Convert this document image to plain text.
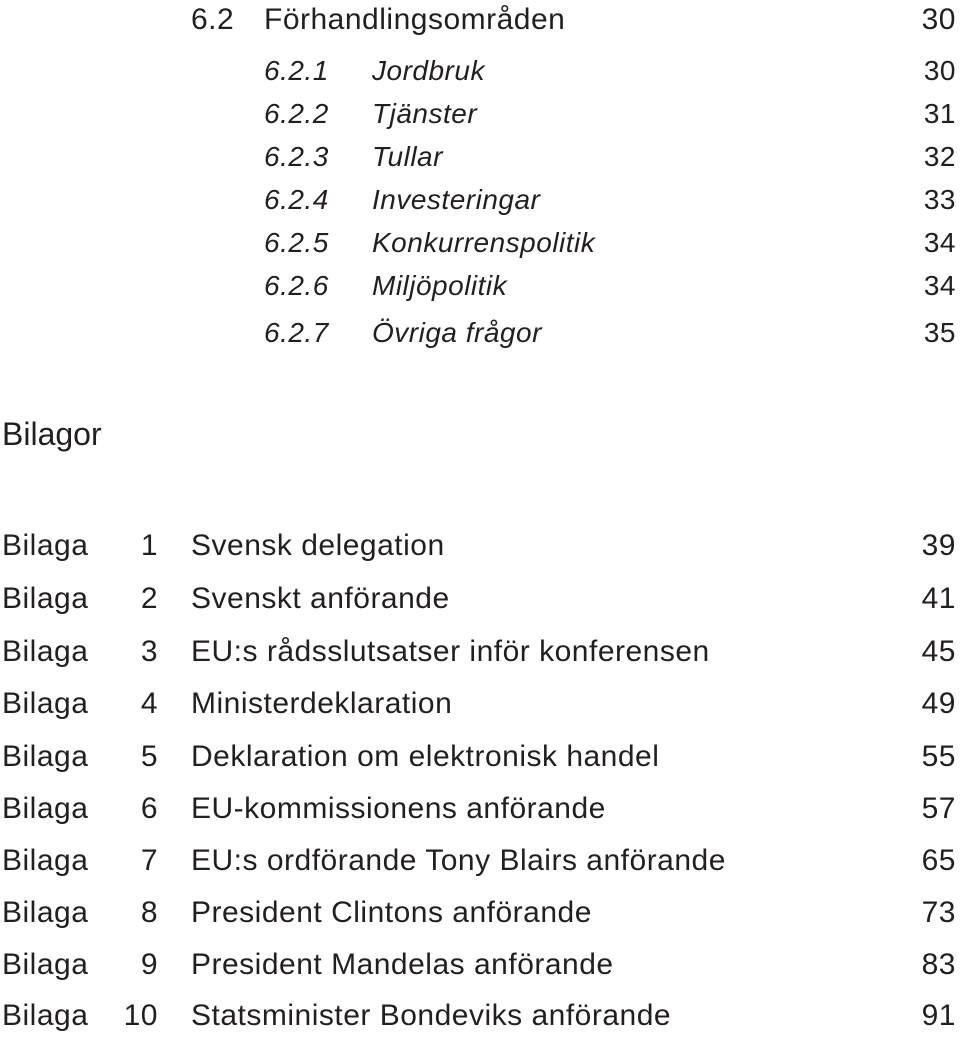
6.2 Förhandlingsområden	30
6.2.1 Jordbruk	30
6.2.2 Tjänster	31
6.2.3 Tullar	32
6.2.4 Investeringar	33
6.2.5 Konkurrenspolitik	34
6.2.6 Miljöpolitik	34
6.2.7 Övriga frågor	35
Bilagor
Bilaga	1 Svensk delegation	39
Bilaga	2 Svenskt anförande	41
Bilaga	3 EU:s rådsslutsatser inför konferensen	45
Bilaga	4 Ministerdeklaration	49
Bilaga	5 Deklaration om elektronisk handel	55
Bilaga	6 EU-kommissionens anförande	57
Bilaga	7 EU:s ordförande Tony Blairs anförande	65
Bilaga	8 President Clintons anförande	73
Bilaga	9 President Mandelas anförande	83
Bilaga	10 Statsminister Bondeviks anförande	91
